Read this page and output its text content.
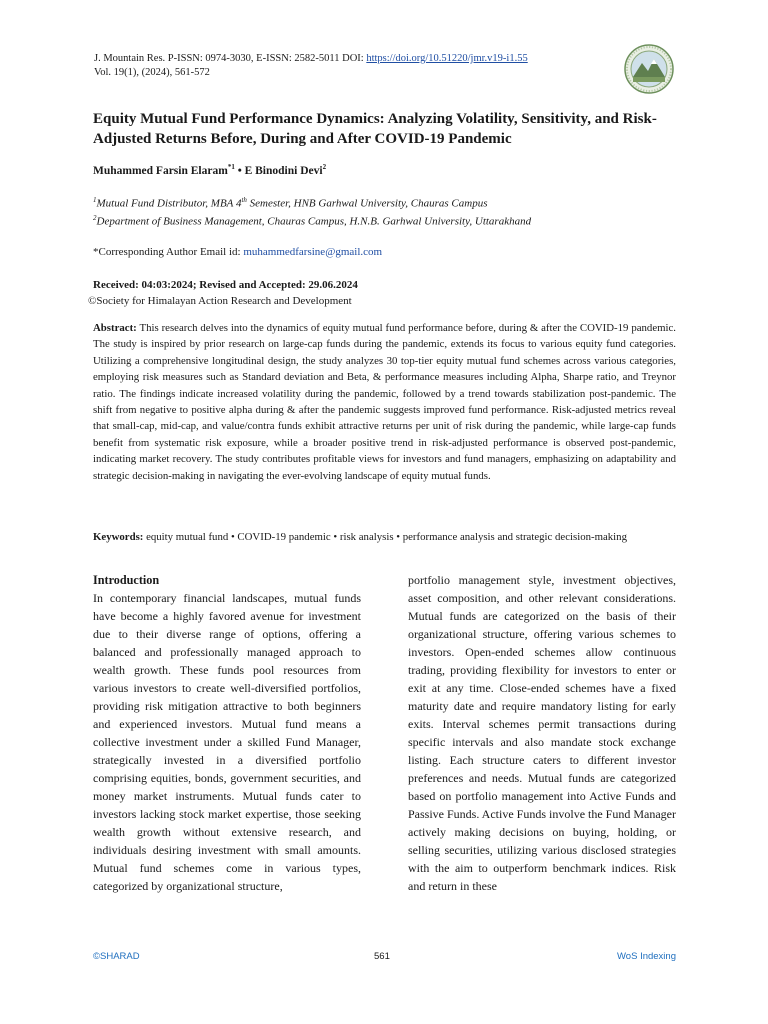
J. Mountain Res. P-ISSN: 0974-3030, E-ISSN: 2582-5011 DOI: https://doi.org/10.51220/jmr.v19-i1.55
Vol. 19(1), (2024), 561-572
Equity Mutual Fund Performance Dynamics: Analyzing Volatility, Sensitivity, and Risk-Adjusted Returns Before, During and After COVID-19 Pandemic
Muhammed Farsin Elaram$^{*1}$ • E Binodini Devi$^2$
$^1$Mutual Fund Distributor, MBA 4th Semester, HNB Garhwal University, Chauras Campus
$^2$Department of Business Management, Chauras Campus, H.N.B. Garhwal University, Uttarakhand
*Corresponding Author Email id: muhammedfarsine@gmail.com
Received: 04:03:2024; Revised and Accepted: 29.06.2024
©Society for Himalayan Action Research and Development

Abstract: This research delves into the dynamics of equity mutual fund performance before, during & after the COVID-19 pandemic. The study is inspired by prior research on large-cap funds during the pandemic, extends its focus to various equity fund categories. Utilizing a comprehensive longitudinal design, the study analyzes 30 top-tier equity mutual fund schemes across various categories, employing risk measures such as Standard deviation and Beta, & performance measures including Alpha, Sharpe ratio, and Treynor ratio. The findings indicate increased volatility during the pandemic, followed by a trend towards stabilization post-pandemic. The shift from negative to positive alpha during & after the pandemic suggests improved fund performance. Risk-adjusted metrics reveal that small-cap, mid-cap, and value/contra funds exhibit attractive returns per unit of risk during the pandemic, while large-cap funds benefit from systematic risk exposure, while a broader positive trend in risk-adjusted performance is observed post-pandemic, indicating market recovery. The study contributes profitable views for investors and fund managers, emphasizing on adaptability and strategic decision-making in navigating the ever-evolving landscape of equity mutual funds.

Keywords: equity mutual fund • COVID-19 pandemic • risk analysis • performance analysis and strategic decision-making

Introduction
In contemporary financial landscapes, mutual funds have become a highly favored avenue for investment due to their diverse range of options, offering a balanced and professionally managed approach to wealth growth. These funds pool resources from various investors to create well-diversified portfolios, providing risk mitigation attractive to both beginners and experienced investors. Mutual fund means a collective investment under a skilled Fund Manager, strategically invested in a diversified portfolio comprising equities, bonds, government securities, and money market instruments. Mutual funds cater to investors lacking stock market expertise, those seeking wealth growth without extensive research, and individuals desiring investment with small amounts. Mutual fund schemes come in various types, categorized by organizational structure,
portfolio management style, investment objectives, asset composition, and other relevant considerations. Mutual funds are categorized on the basis of their organizational structure, offering various schemes to investors. Open-ended schemes allow continuous trading, providing flexibility for investors to enter or exit at any time. Close-ended schemes have a fixed maturity date and require mandatory listing for early exits. Interval schemes permit transactions during specific intervals and also mandate stock exchange listing. Each structure caters to different investor preferences and needs. Mutual funds are categorized based on portfolio management into Active Funds and Passive Funds. Active Funds involve the Fund Manager actively making decisions on buying, holding, or selling securities, utilizing various disclosed strategies with the aim to outperform benchmark indices. Risk and return in these
©SHARAD	561	WoS Indexing
